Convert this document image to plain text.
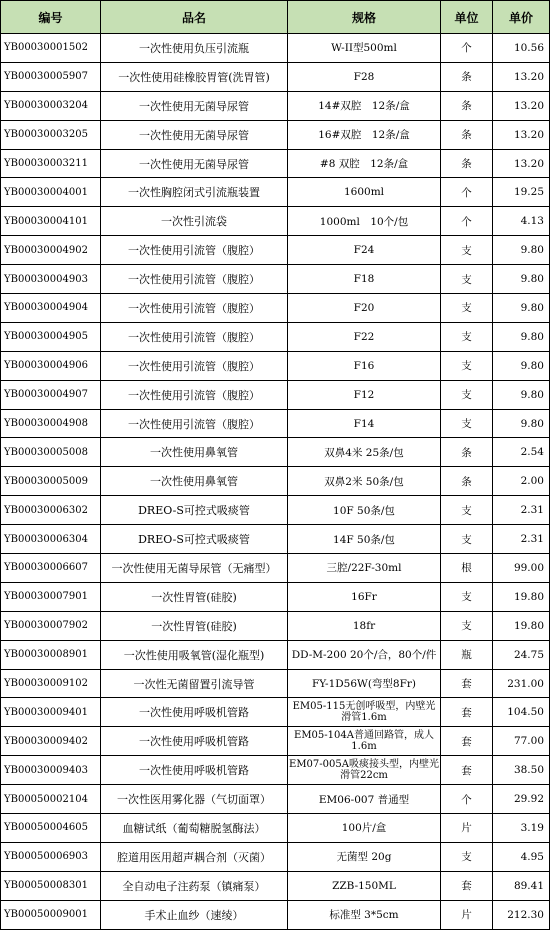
编号	品名	规格	单位	单价
YB00030001502	一次性使用负压引流瓶	W-II型500ml	个	10.56
YB00030005907	一次性使用硅橡胶胃管(洗胃管)	F28	条	13.20
YB00030003204	一次性使用无菌导尿管	14#双腔　12条/盒	条	13.20
YB00030003205	一次性使用无菌导尿管	16#双腔　12条/盒	条	13.20
YB00030003211	一次性使用无菌导尿管	#8 双腔　12条/盒	条	13.20
YB00030004001	一次性胸腔闭式引流瓶装置	1600ml	个	19.25
YB00030004101	一次性引流袋	1000ml　10个/包	个	4.13
YB00030004902	一次性使用引流管（腹腔）	F24	支	9.80
YB00030004903	一次性使用引流管（腹腔）	F18	支	9.80
YB00030004904	一次性使用引流管（腹腔）	F20	支	9.80
YB00030004905	一次性使用引流管（腹腔）	F22	支	9.80
YB00030004906	一次性使用引流管（腹腔）	F16	支	9.80
YB00030004907	一次性使用引流管（腹腔）	F12	支	9.80
YB00030004908	一次性使用引流管（腹腔）	F14	支	9.80
YB00030005008	一次性使用鼻氧管	双鼻4米 25条/包	条	2.54
YB00030005009	一次性使用鼻氧管	双鼻2米 50条/包	条	2.00
YB00030006302	DREO-S可控式吸痰管	10F 50条/包	支	2.31
YB00030006304	DREO-S可控式吸痰管	14F 50条/包	支	2.31
YB00030006607	一次性使用无菌导尿管（无痛型）	三腔/22F-30ml	根	99.00
YB00030007901	一次性胃管(硅胶)	16Fr	支	19.80
YB00030007902	一次性胃管(硅胶)	18fr	支	19.80
YB00030008901	一次性使用吸氧管(湿化瓶型)	DD-M-200 20个/合，80个/件	瓶	24.75
YB00030009102	一次性无菌留置引流导管	FY-1D56W(弯型8Fr)	套	231.00
YB00030009401	一次性使用呼吸机管路	EM05-115无创呼吸型，内壁光滑管1.6m	套	104.50
YB00030009402	一次性使用呼吸机管路	EM05-104A普通回路管，成人1.6m	套	77.00
YB00030009403	一次性使用呼吸机管路	EM07-005A吸痰接头型，内壁光滑管22cm	套	38.50
YB00050002104	一次性医用雾化器（气切面罩）	EM06-007 普通型	个	29.92
YB00050004605	血糖试纸（葡萄糖脱氢酶法）	100片/盒	片	3.19
YB00050006903	腔道用医用超声耦合剂（灭菌）	无菌型 20g	支	4.95
YB00050008301	全自动电子注药泵（镇痛泵）	ZZB-150ML	套	89.41
YB00050009001	手术止血纱（速绫）	标准型 3*5cm	片	212.30
